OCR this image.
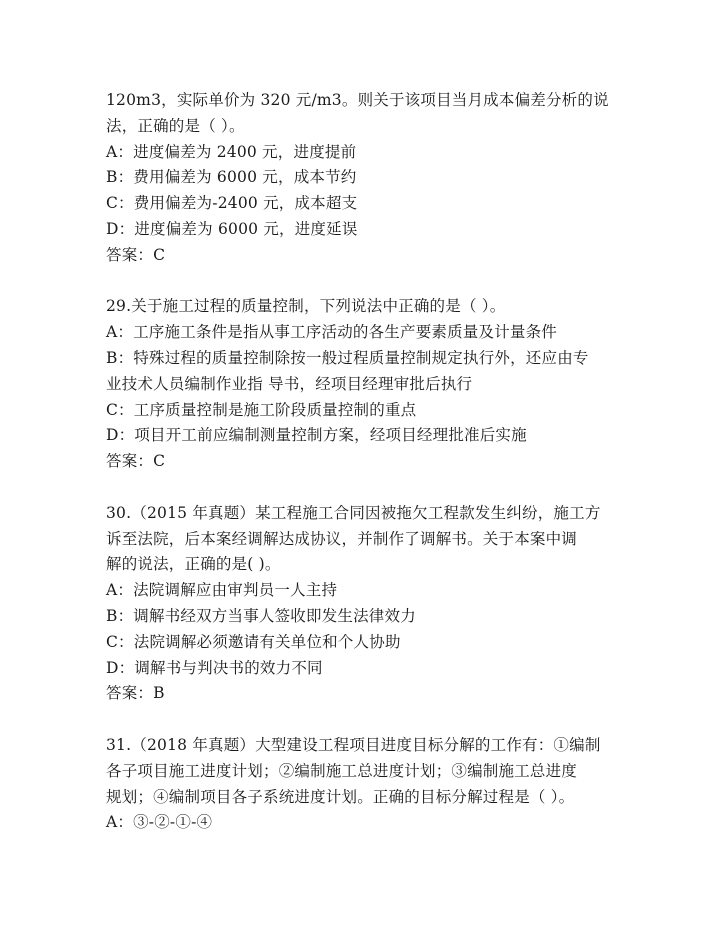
120m3，实际单价为 320 元/m3。则关于该项目当月成本偏差分析的说
法，正确的是（ ）。
A：进度偏差为 2400 元，进度提前
B：费用偏差为 6000 元，成本节约
C：费用偏差为-2400 元，成本超支
D：进度偏差为 6000 元，进度延误
答案：C
29.关于施工过程的质量控制，下列说法中正确的是（ ）。
A：工序施工条件是指从事工序活动的各生产要素质量及计量条件
B：特殊过程的质量控制除按一般过程质量控制规定执行外，还应由专
业技术人员编制作业指 导书，经项目经理审批后执行
C：工序质量控制是施工阶段质量控制的重点
D：项目开工前应编制测量控制方案，经项目经理批准后实施
答案：C
30.（2015 年真题）某工程施工合同因被拖欠工程款发生纠纷，施工方
诉至法院，后本案经调解达成协议，并制作了调解书。关于本案中调
解的说法，正确的是( )。
A：法院调解应由审判员一人主持
B：调解书经双方当事人签收即发生法律效力
C：法院调解必须邀请有关单位和个人协助
D：调解书与判决书的效力不同
答案：B
31.（2018 年真题）大型建设工程项目进度目标分解的工作有：①编制
各子项目施工进度计划；②编制施工总进度计划；③编制施工总进度
规划；④编制项目各子系统进度计划。正确的目标分解过程是（ ）。
A：③-②-①-④
